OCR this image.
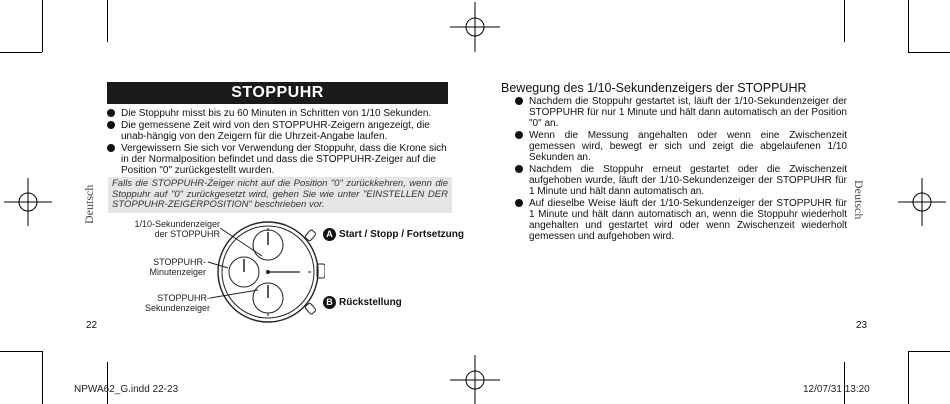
STOPPUHR
Die Stoppuhr misst bis zu 60 Minuten in Schritten von 1/10 Sekunden.
Die gemessene Zeit wird von den STOPPUHR-Zeigern angezeigt, die unab-hängig von den Zeigern für die Uhrzeit-Angabe laufen.
Vergewissern Sie sich vor Verwendung der Stoppuhr, dass die Krone sich in der Normalposition befindet und dass die STOPPUHR-Zeiger auf die Position "0" zurückgestellt wurden.
Falls die STOPPUHR-Zeiger nicht auf die Position "0" zurückkehren, wenn die Stoppuhr auf "0" zurückgesetzt wird, gehen Sie wie unter "EINSTELLEN DER STOPPUHR-ZEIGERPOSITION" beschrieben vor.
Deutsch	1/10-Sekundenzeiger
der STOPPUHR
STOPPUHR-
Minutenzeiger
STOPPUHR-
Sekundenzeiger
A Start / Stopp / Fortsetzung
B Rückstellung
22
Bewegung des 1/10-Sekundenzeigers der STOPPUHR
Nachdem die Stoppuhr gestartet ist, läuft der 1/10-Sekundenzeiger der STOPPUHR für nur 1 Minute und hält dann automatisch an der Position "0" an.
Wenn die Messung angehalten oder wenn eine Zwischenzeit gemessen wird, bewegt er sich und zeigt die abgelaufenen 1/10 Sekunden an.
Nachdem die Stoppuhr erneut gestartet oder die Zwischenzeit aufgehoben wurde, läuft der 1/10-Sekundenzeiger der STOPPUHR für 1 Minute und hält dann automatisch an.
Auf dieselbe Weise läuft der 1/10-Sekundenzeiger der STOPPUHR für 1 Minute und hält dann automatisch an, wenn die Stoppuhr wiederholt angehalten und gestartet wird oder wenn Zwischenzeit wiederholt gemessen und aufgehoben wird.
Deutsch
23
NPWA62_G.indd 22-23	12/07/31 13:20
